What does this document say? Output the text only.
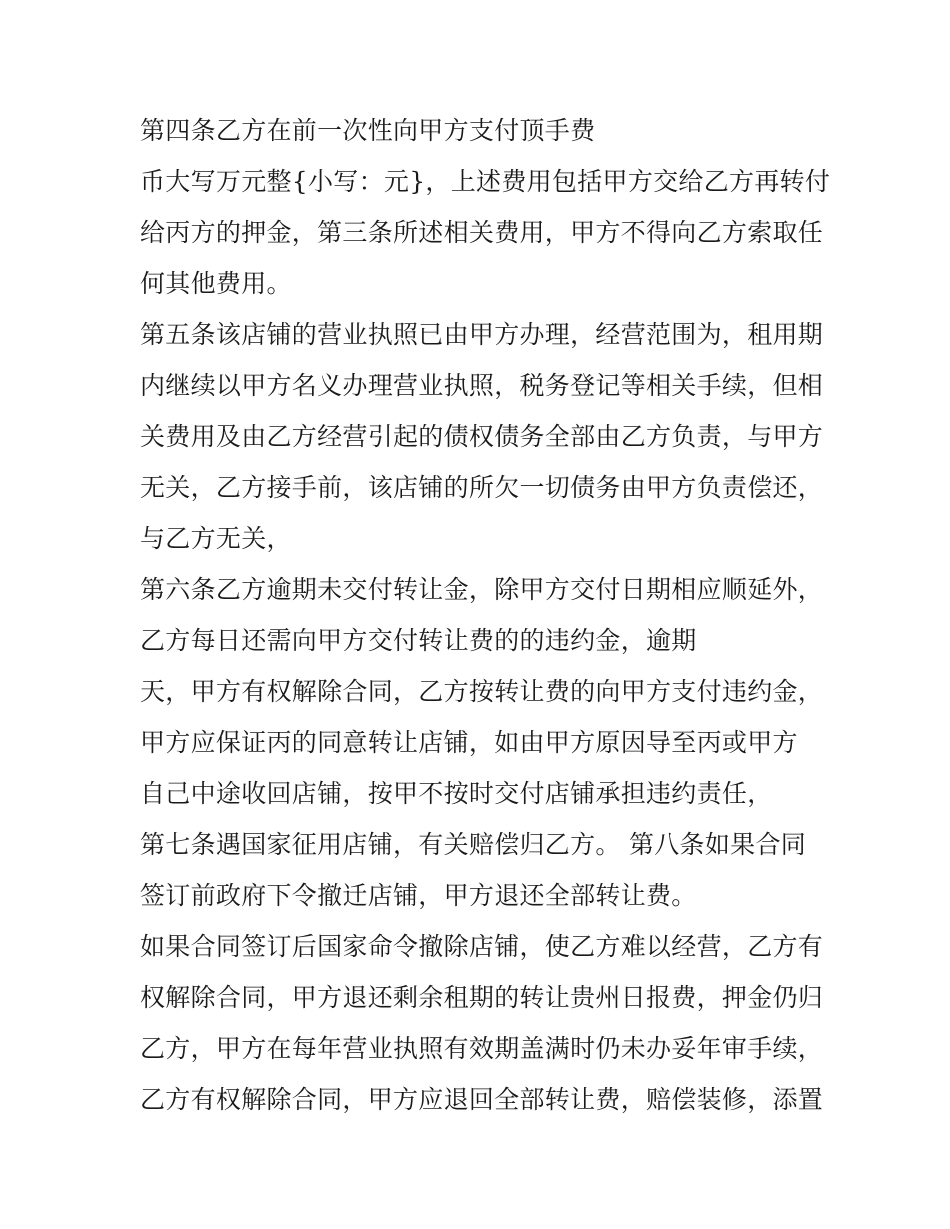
第四条乙方在前一次性向甲方支付顶手费
币大写万元整{小写：元}，上述费用包括甲方交给乙方再转付
给丙方的押金，第三条所述相关费用，甲方不得向乙方索取任
何其他费用。
第五条该店铺的营业执照已由甲方办理，经营范围为，租用期
内继续以甲方名义办理营业执照，税务登记等相关手续，但相
关费用及由乙方经营引起的债权债务全部由乙方负责，与甲方
无关，乙方接手前，该店铺的所欠一切债务由甲方负责偿还，
与乙方无关，
第六条乙方逾期未交付转让金，除甲方交付日期相应顺延外，
乙方每日还需向甲方交付转让费的的违约金，逾期
天，甲方有权解除合同，乙方按转让费的向甲方支付违约金，
甲方应保证丙的同意转让店铺，如由甲方原因导至丙或甲方
自己中途收回店铺，按甲不按时交付店铺承担违约责任，
第七条遇国家征用店铺，有关赔偿归乙方。 第八条如果合同
签订前政府下令撤迁店铺，甲方退还全部转让费。
如果合同签订后国家命令撤除店铺，使乙方难以经营，乙方有
权解除合同，甲方退还剩余租期的转让贵州日报费，押金仍归
乙方，甲方在每年营业执照有效期盖满时仍未办妥年审手续，
乙方有权解除合同，甲方应退回全部转让费，赔偿装修，添置
